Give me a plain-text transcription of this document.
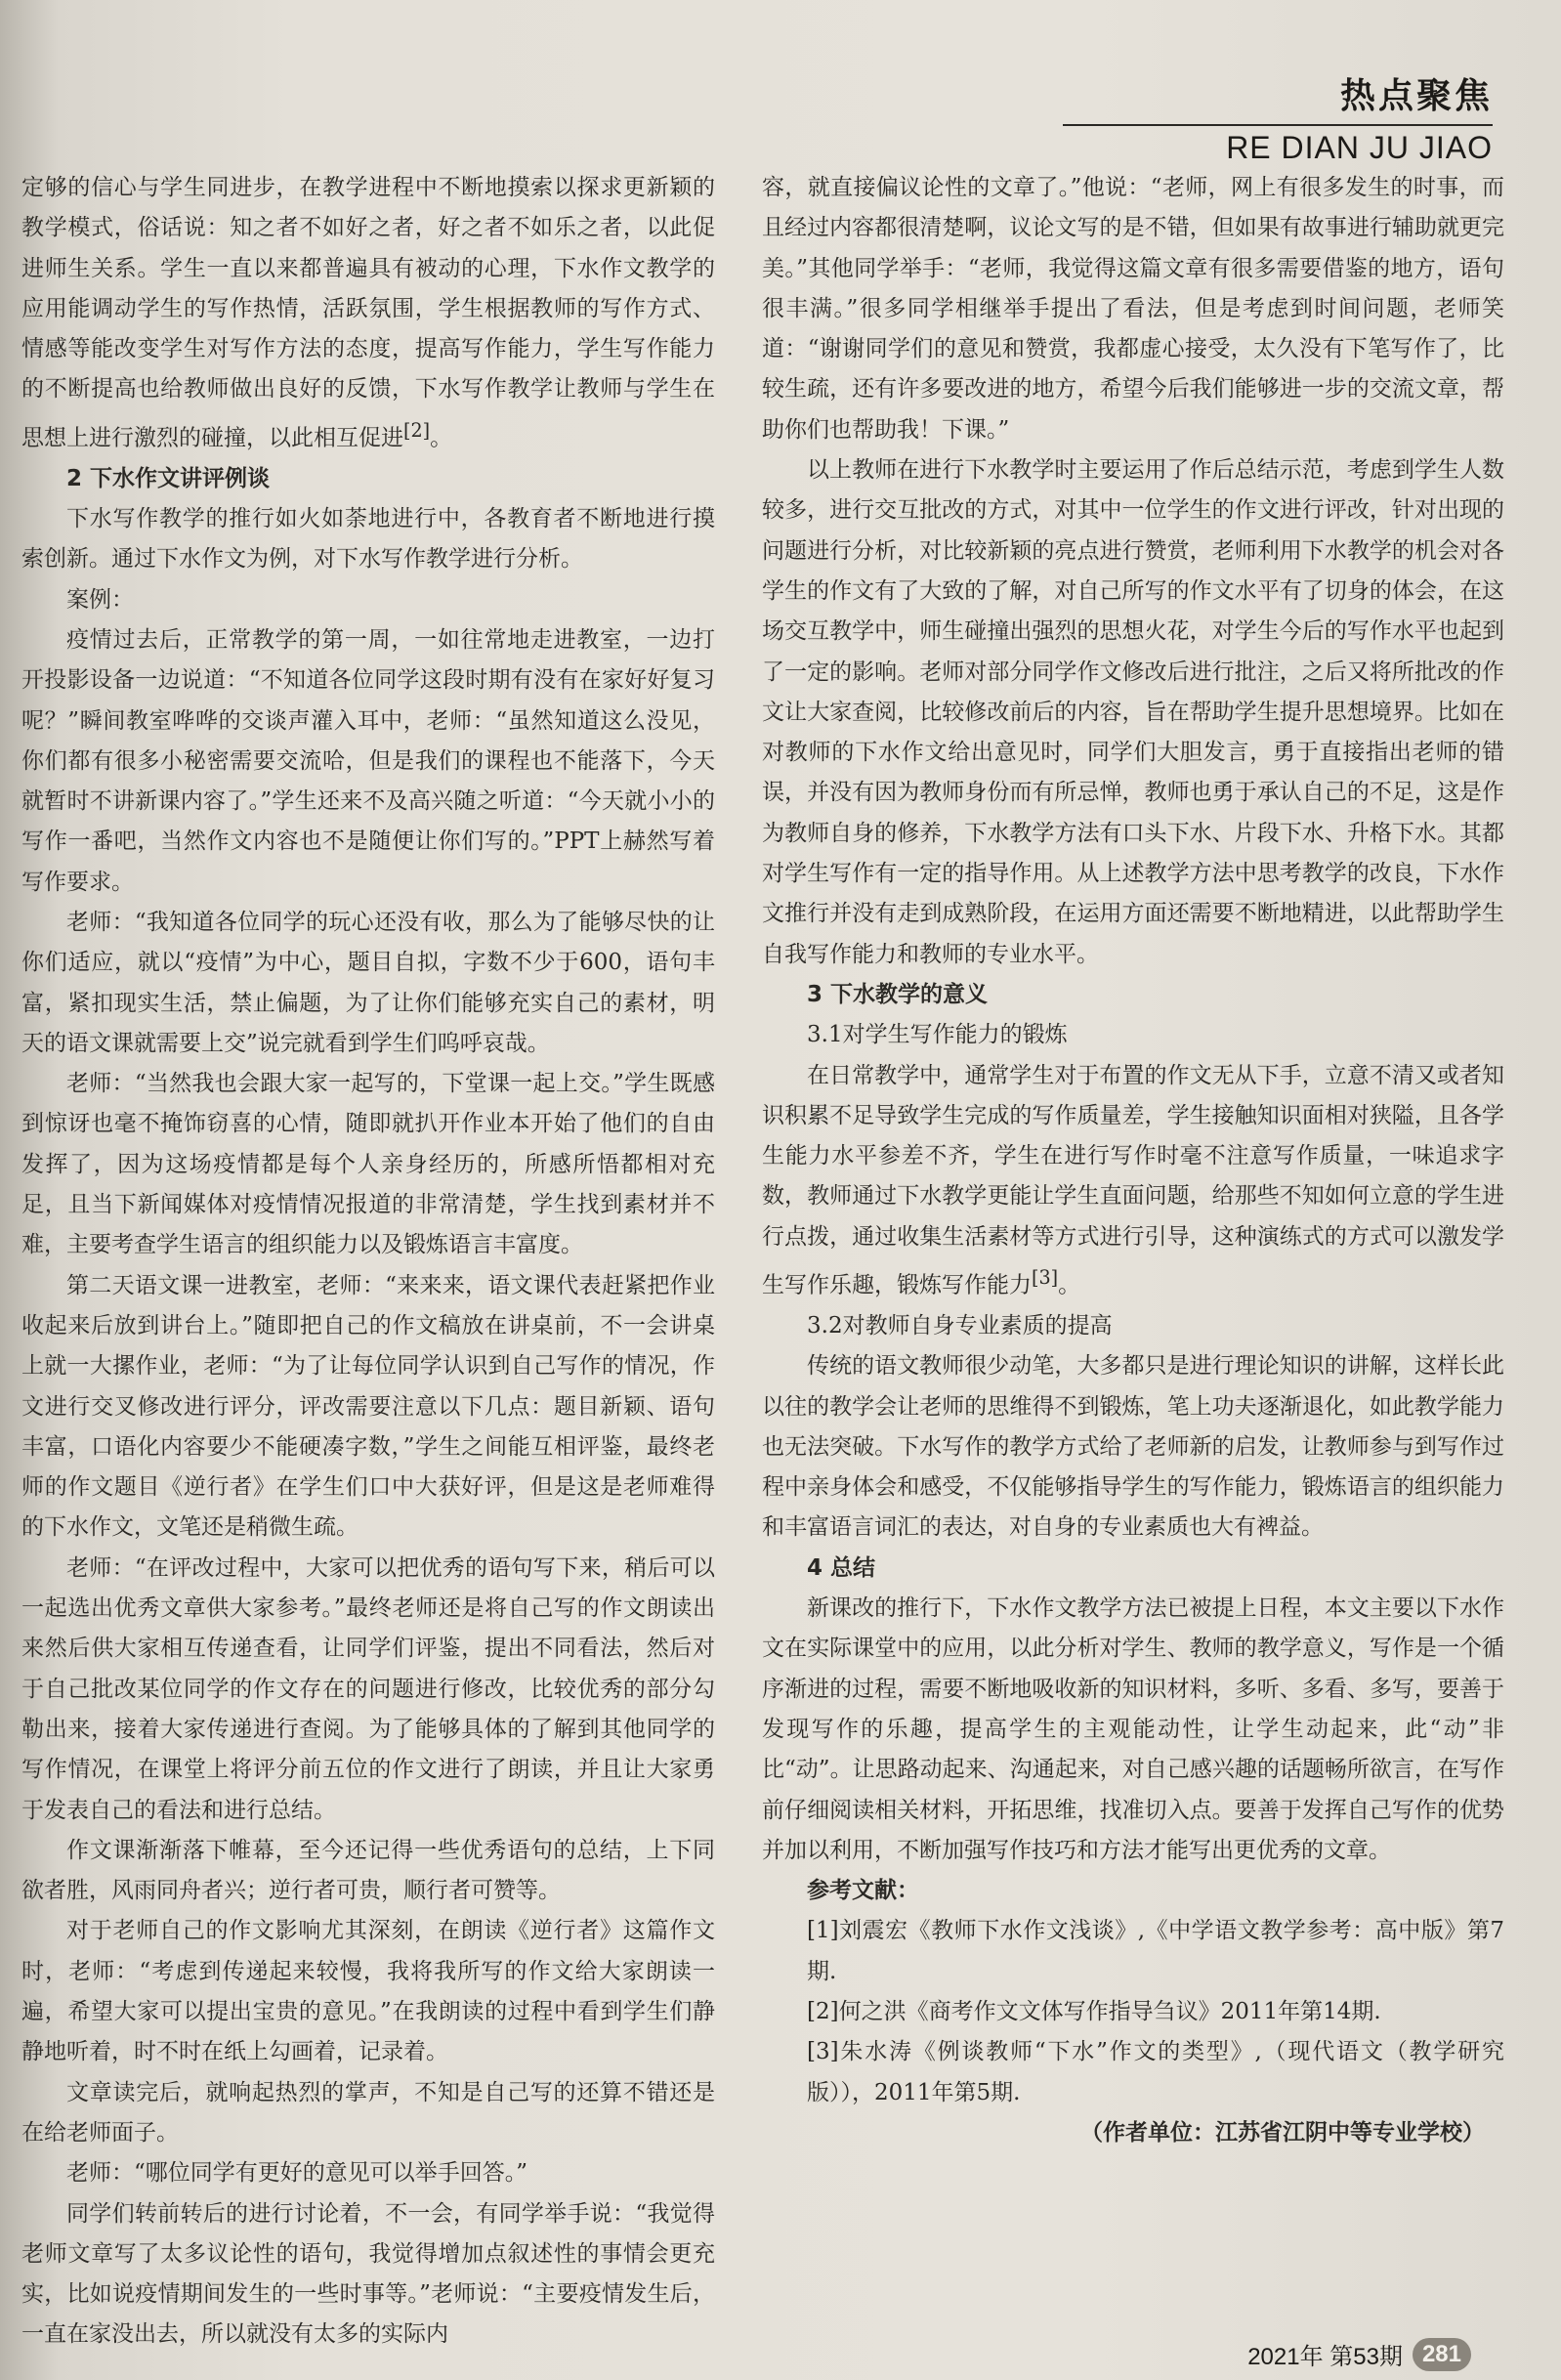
热点聚焦
RE DIAN JU JIAO

定够的信心与学生同进步，在教学进程中不断地摸索以探求更新颖的教学模式，俗话说：知之者不如好之者，好之者不如乐之者，以此促进师生关系。学生一直以来都普遍具有被动的心理，下水作文教学的应用能调动学生的写作热情，活跃氛围，学生根据教师的写作方式、情感等能改变学生对写作方法的态度，提高写作能力，学生写作能力的不断提高也给教师做出良好的反馈，下水写作教学让教师与学生在思想上进行激烈的碰撞，以此相互促进[2]。

2 下水作文讲评例谈

下水写作教学的推行如火如荼地进行中，各教育者不断地进行摸索创新。通过下水作文为例，对下水写作教学进行分析。

案例：

疫情过去后，正常教学的第一周，一如往常地走进教室，一边打开投影设备一边说道：“不知道各位同学这段时期有没有在家好好复习呢？”瞬间教室哗哗的交谈声灌入耳中，老师：“虽然知道这么没见，你们都有很多小秘密需要交流哈，但是我们的课程也不能落下，今天就暂时不讲新课内容了。”学生还来不及高兴随之听道：“今天就小小的写作一番吧，当然作文内容也不是随便让你们写的。”PPT上赫然写着写作要求。

老师：“我知道各位同学的玩心还没有收，那么为了能够尽快的让你们适应，就以“疫情”为中心，题目自拟，字数不少于600，语句丰富，紧扣现实生活，禁止偏题，为了让你们能够充实自己的素材，明天的语文课就需要上交”说完就看到学生们呜呼哀哉。

老师：“当然我也会跟大家一起写的，下堂课一起上交。”学生既感到惊讶也毫不掩饰窃喜的心情，随即就扒开作业本开始了他们的自由发挥了，因为这场疫情都是每个人亲身经历的，所感所悟都相对充足，且当下新闻媒体对疫情情况报道的非常清楚，学生找到素材并不难，主要考查学生语言的组织能力以及锻炼语言丰富度。

第二天语文课一进教室，老师：“来来来，语文课代表赶紧把作业收起来后放到讲台上。”随即把自己的作文稿放在讲桌前，不一会讲桌上就一大摞作业，老师：“为了让每位同学认识到自己写作的情况，作文进行交叉修改进行评分，评改需要注意以下几点：题目新颖、语句丰富，口语化内容要少不能硬凑字数，”学生之间能互相评鉴，最终老师的作文题目《逆行者》在学生们口中大获好评，但是这是老师难得的下水作文，文笔还是稍微生疏。

老师：“在评改过程中，大家可以把优秀的语句写下来，稍后可以一起选出优秀文章供大家参考。”最终老师还是将自己写的作文朗读出来然后供大家相互传递查看，让同学们评鉴，提出不同看法，然后对于自己批改某位同学的作文存在的问题进行修改，比较优秀的部分勾勒出来，接着大家传递进行查阅。为了能够具体的了解到其他同学的写作情况，在课堂上将评分前五位的作文进行了朗读，并且让大家勇于发表自己的看法和进行总结。

作文课渐渐落下帷幕，至今还记得一些优秀语句的总结，上下同欲者胜，风雨同舟者兴；逆行者可贵，顺行者可赞等。

对于老师自己的作文影响尤其深刻，在朗读《逆行者》这篇作文时，老师：“考虑到传递起来较慢，我将我所写的作文给大家朗读一遍，希望大家可以提出宝贵的意见。”在我朗读的过程中看到学生们静静地听着，时不时在纸上勾画着，记录着。

文章读完后，就响起热烈的掌声，不知是自己写的还算不错还是在给老师面子。

老师：“哪位同学有更好的意见可以举手回答。”

同学们转前转后的进行讨论着，不一会，有同学举手说：“我觉得老师文章写了太多议论性的语句，我觉得增加点叙述性的事情会更充实，比如说疫情期间发生的一些时事等。”老师说：“主要疫情发生后，一直在家没出去，所以就没有太多的实际内

容，就直接偏议论性的文章了。”他说：“老师，网上有很多发生的时事，而且经过内容都很清楚啊，议论文写的是不错，但如果有故事进行辅助就更完美。”其他同学举手：“老师，我觉得这篇文章有很多需要借鉴的地方，语句很丰满。”很多同学相继举手提出了看法，但是考虑到时间问题，老师笑道：“谢谢同学们的意见和赞赏，我都虚心接受，太久没有下笔写作了，比较生疏，还有许多要改进的地方，希望今后我们能够进一步的交流文章，帮助你们也帮助我！下课。”

以上教师在进行下水教学时主要运用了作后总结示范，考虑到学生人数较多，进行交互批改的方式，对其中一位学生的作文进行评改，针对出现的问题进行分析，对比较新颖的亮点进行赞赏，老师利用下水教学的机会对各学生的作文有了大致的了解，对自己所写的作文水平有了切身的体会，在这场交互教学中，师生碰撞出强烈的思想火花，对学生今后的写作水平也起到了一定的影响。老师对部分同学作文修改后进行批注，之后又将所批改的作文让大家查阅，比较修改前后的内容，旨在帮助学生提升思想境界。比如在对教师的下水作文给出意见时，同学们大胆发言，勇于直接指出老师的错误，并没有因为教师身份而有所忌惮，教师也勇于承认自己的不足，这是作为教师自身的修养，下水教学方法有口头下水、片段下水、升格下水。其都对学生写作有一定的指导作用。从上述教学方法中思考教学的改良，下水作文推行并没有走到成熟阶段，在运用方面还需要不断地精进，以此帮助学生自我写作能力和教师的专业水平。

3 下水教学的意义
3.1对学生写作能力的锻炼

在日常教学中，通常学生对于布置的作文无从下手，立意不清又或者知识积累不足导致学生完成的写作质量差，学生接触知识面相对狭隘，且各学生能力水平参差不齐，学生在进行写作时毫不注意写作质量，一味追求字数，教师通过下水教学更能让学生直面问题，给那些不知如何立意的学生进行点拨，通过收集生活素材等方式进行引导，这种演练式的方式可以激发学生写作乐趣，锻炼写作能力[3]。

3.2对教师自身专业素质的提高

传统的语文教师很少动笔，大多都只是进行理论知识的讲解，这样长此以往的教学会让老师的思维得不到锻炼，笔上功夫逐渐退化，如此教学能力也无法突破。下水写作的教学方式给了老师新的启发，让教师参与到写作过程中亲身体会和感受，不仅能够指导学生的写作能力，锻炼语言的组织能力和丰富语言词汇的表达，对自身的专业素质也大有裨益。

4 总结

新课改的推行下，下水作文教学方法已被提上日程，本文主要以下水作文在实际课堂中的应用，以此分析对学生、教师的教学意义，写作是一个循序渐进的过程，需要不断地吸收新的知识材料，多听、多看、多写，要善于发现写作的乐趣，提高学生的主观能动性，让学生动起来，此“动”非比“动”。让思路动起来、沟通起来，对自己感兴趣的话题畅所欲言，在写作前仔细阅读相关材料，开拓思维，找准切入点。要善于发挥自己写作的优势并加以利用，不断加强写作技巧和方法才能写出更优秀的文章。

参考文献：

[1]刘震宏《教师下水作文浅谈》,《中学语文教学参考：高中版》第7期.

[2]何之洪《商考作文文体写作指导刍议》2011年第14期.

[3]朱水涛《例谈教师“下水”作文的类型》,（现代语文（教学研究版）），2011年第5期.

（作者单位：江苏省江阴中等专业学校）
2021年 第53期 281
